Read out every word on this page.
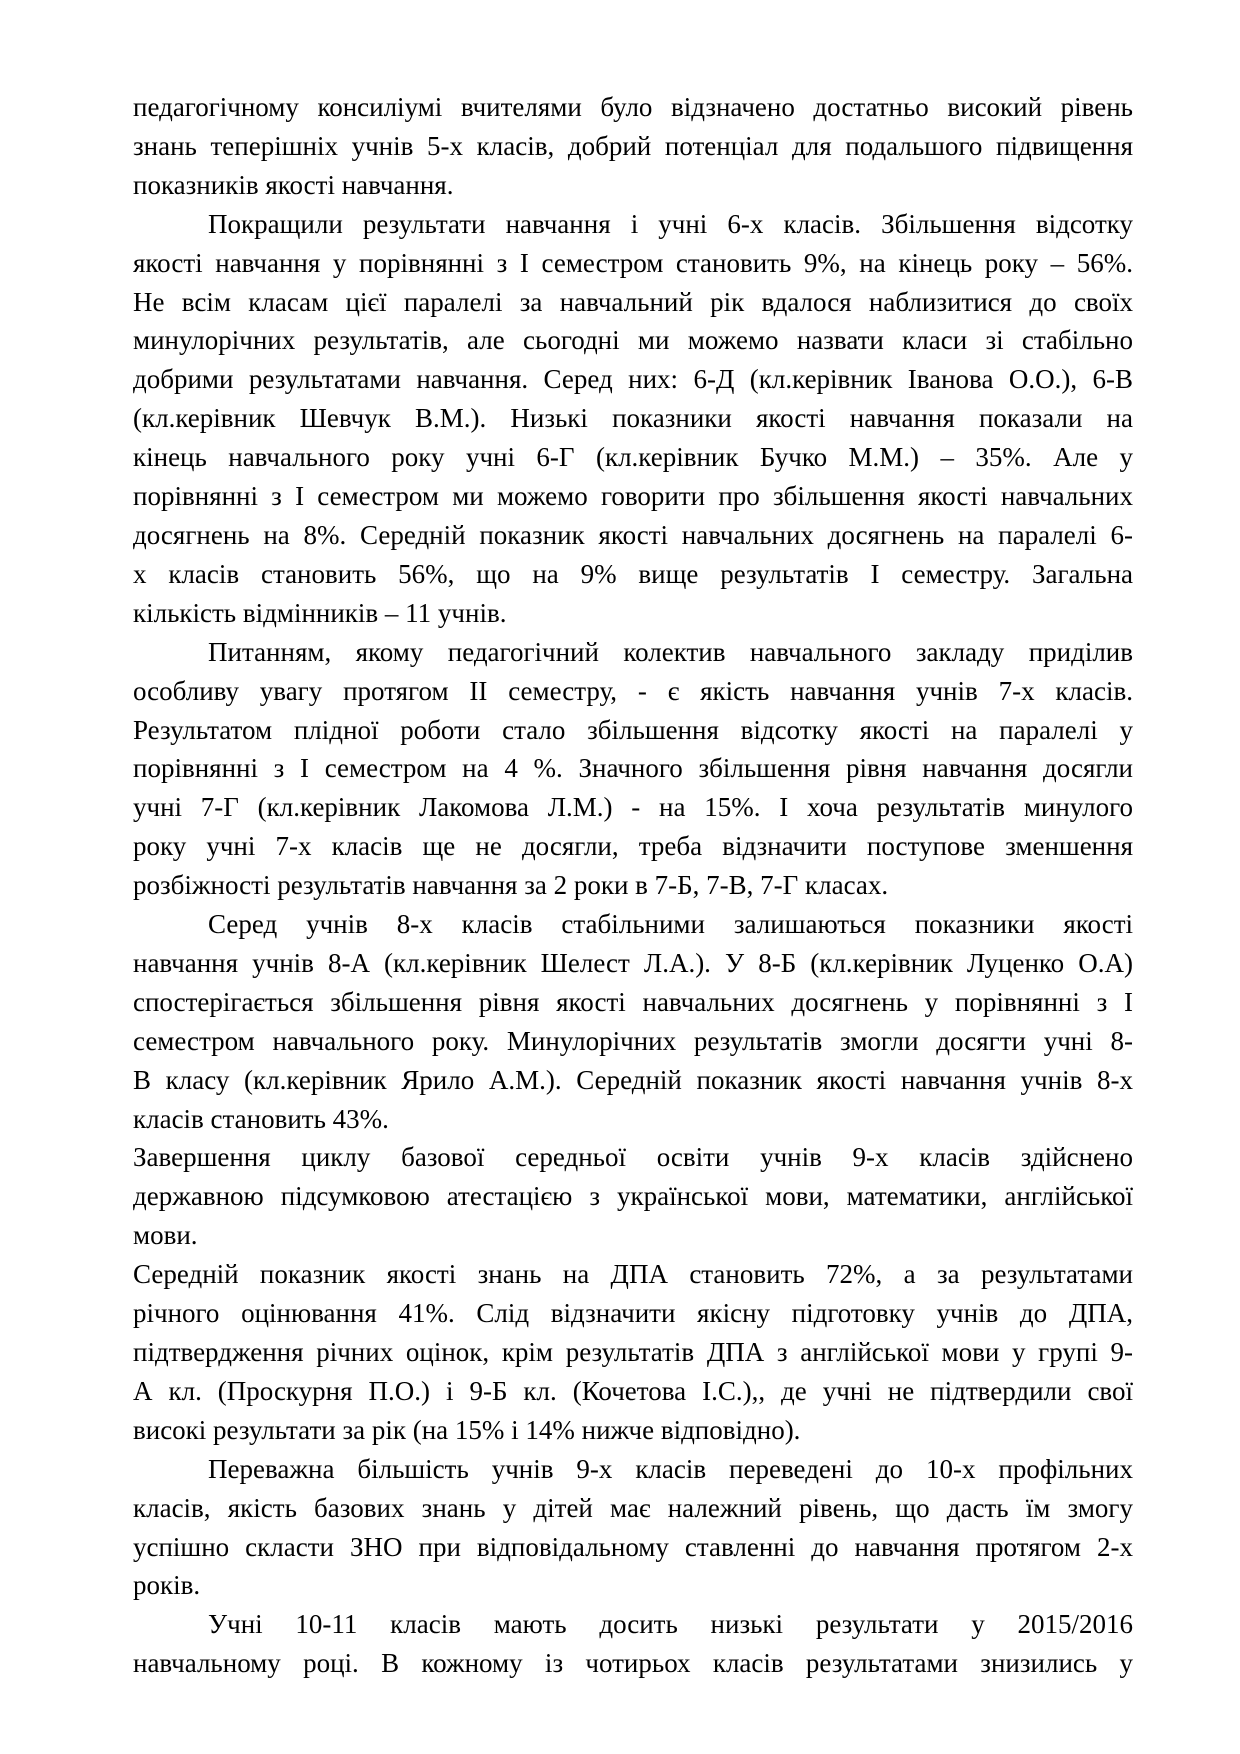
педагогічному консиліумі вчителями було відзначено достатньо високий рівень
знань теперішніх учнів 5-х класів, добрий потенціал для подальшого підвищення
показників якості навчання.

Покращили результати навчання і учні 6-х класів. Збільшення відсотку
якості навчання у порівнянні з І семестром становить 9%, на кінець року – 56%.
Не всім класам цієї паралелі за навчальний рік вдалося наблизитися до своїх
минулорічних результатів, але сьогодні ми можемо назвати класи зі стабільно
добрими результатами навчання. Серед них: 6-Д (кл.керівник Іванова О.О.), 6-В
(кл.керівник Шевчук В.М.). Низькі показники якості навчання показали на
кінець навчального року учні 6-Г (кл.керівник Бучко М.М.) – 35%. Але у
порівнянні з І семестром ми можемо говорити про збільшення якості навчальних
досягнень на 8%. Середній показник якості навчальних досягнень на паралелі 6-
х класів становить 56%, що на 9% вище результатів І семестру. Загальна
кількість відмінників – 11 учнів.

Питанням, якому педагогічний колектив навчального закладу приділив
особливу увагу протягом ІІ семестру, - є якість навчання учнів 7-х класів.
Результатом плідної роботи стало збільшення відсотку якості на паралелі у
порівнянні з І семестром на 4 %. Значного збільшення рівня навчання досягли
учні 7-Г (кл.керівник Лакомова Л.М.) - на 15%. І хоча результатів минулого
року учні 7-х класів ще не досягли, треба відзначити поступове зменшення
розбіжності результатів навчання за 2 роки в 7-Б, 7-В, 7-Г класах.

Серед учнів 8-х класів стабільними залишаються показники якості
навчання учнів 8-А (кл.керівник Шелест Л.А.). У 8-Б (кл.керівник Луценко О.А)
спостерігається збільшення рівня якості навчальних досягнень у порівнянні з І
семестром навчального року. Минулорічних результатів змогли досягти учні 8-
В класу (кл.керівник Ярило А.М.). Середній показник якості навчання учнів 8-х
класів становить 43%.

Завершення циклу базової середньої освіти учнів 9-х класів здійснено
державною підсумковою атестацією з української мови, математики, англійської
мови.

Середній показник якості знань на ДПА становить 72%, а за результатами
річного оцінювання 41%. Слід відзначити якісну підготовку учнів до ДПА,
підтвердження річних оцінок, крім результатів ДПА з англійської мови у групі 9-
А кл. (Проскурня П.О.) і 9-Б кл. (Кочетова І.С.),, де учні не підтвердили свої
високі результати за рік (на 15% і 14% нижче відповідно).

Переважна більшість учнів 9-х класів переведені до 10-х профільних
класів, якість базових знань у дітей має належний рівень, що дасть їм змогу
успішно скласти ЗНО при відповідальному ставленні до навчання протягом 2-х
років.

Учні 10-11 класів мають досить низькі результати у 2015/2016
навчальному році. В кожному із чотирьох класів результатами знизились у
